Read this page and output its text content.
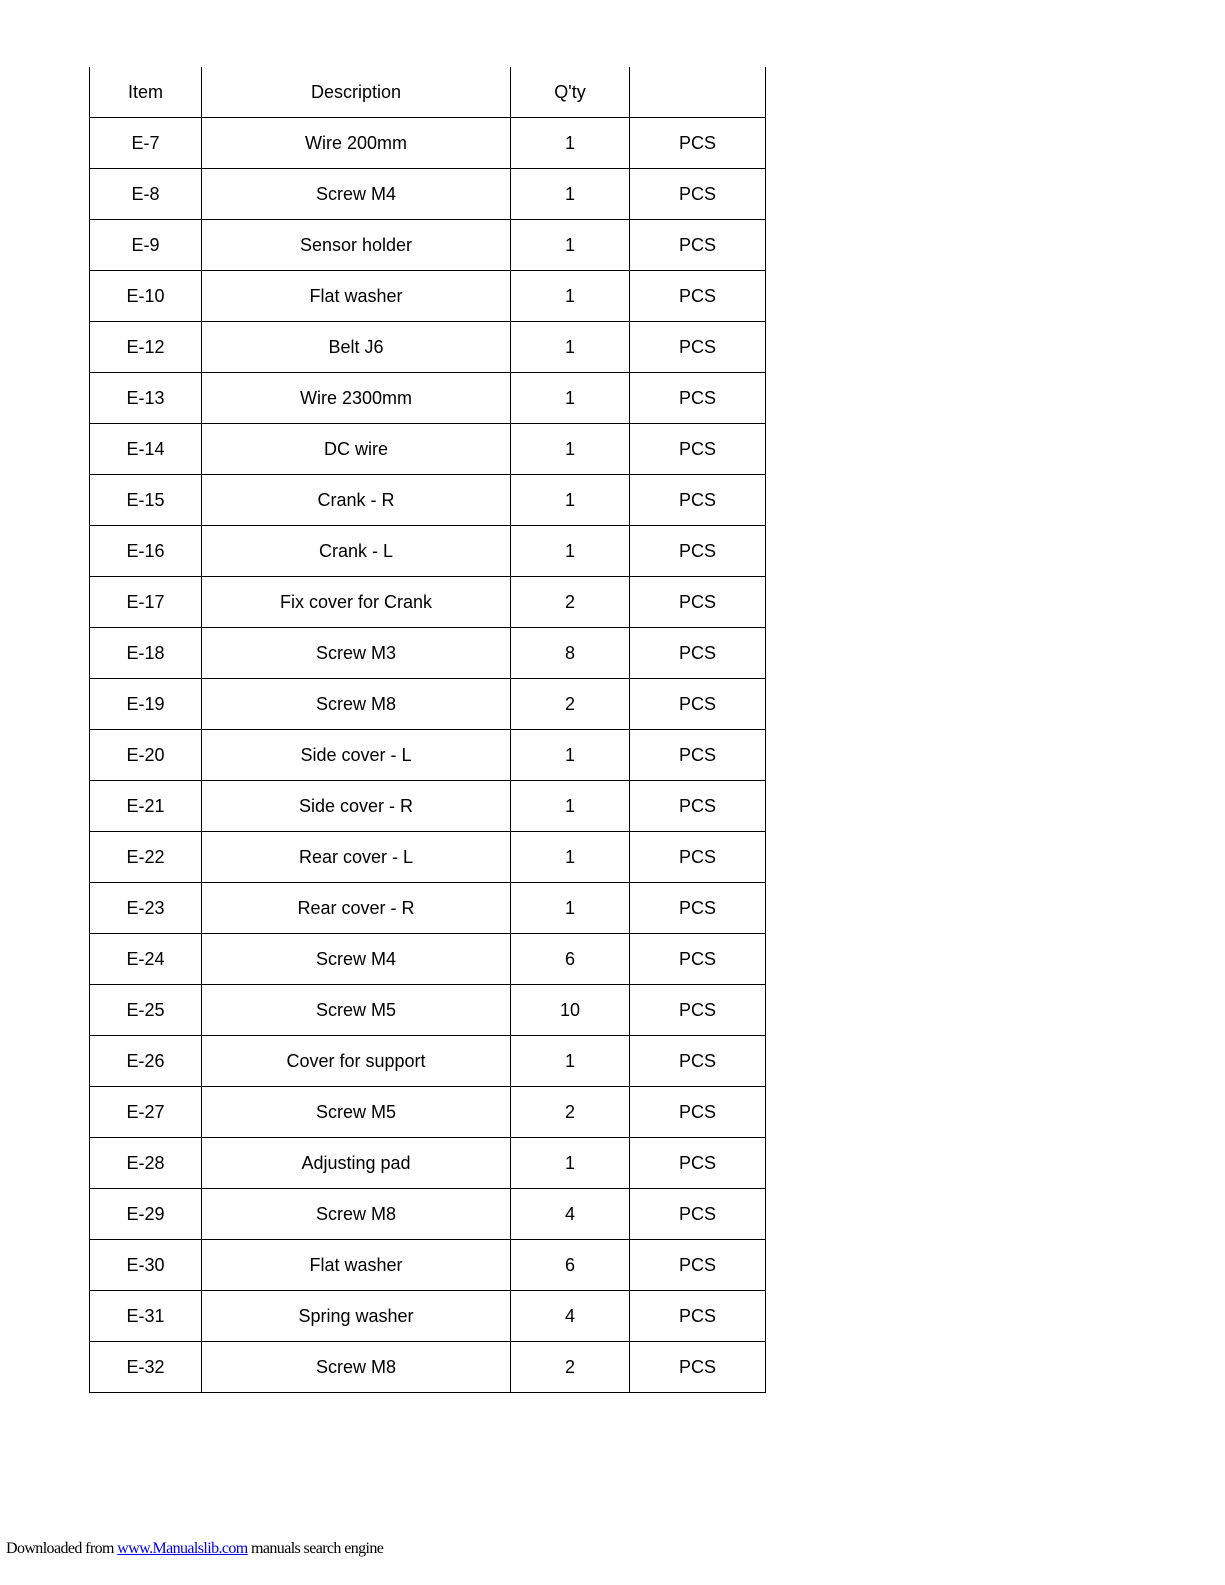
Item	Description	Q'ty	
E-7	Wire 200mm	1	PCS
E-8	Screw M4	1	PCS
E-9	Sensor holder	1	PCS
E-10	Flat washer	1	PCS
E-12	Belt J6	1	PCS
E-13	Wire 2300mm	1	PCS
E-14	DC wire	1	PCS
E-15	Crank - R	1	PCS
E-16	Crank - L	1	PCS
E-17	Fix cover for Crank	2	PCS
E-18	Screw M3	8	PCS
E-19	Screw M8	2	PCS
E-20	Side cover - L	1	PCS
E-21	Side cover - R	1	PCS
E-22	Rear cover - L	1	PCS
E-23	Rear cover - R	1	PCS
E-24	Screw M4	6	PCS
E-25	Screw M5	10	PCS
E-26	Cover for support	1	PCS
E-27	Screw M5	2	PCS
E-28	Adjusting pad	1	PCS
E-29	Screw M8	4	PCS
E-30	Flat washer	6	PCS
E-31	Spring washer	4	PCS
E-32	Screw M8	2	PCS
Downloaded from www.Manualslib.com manuals search engine
